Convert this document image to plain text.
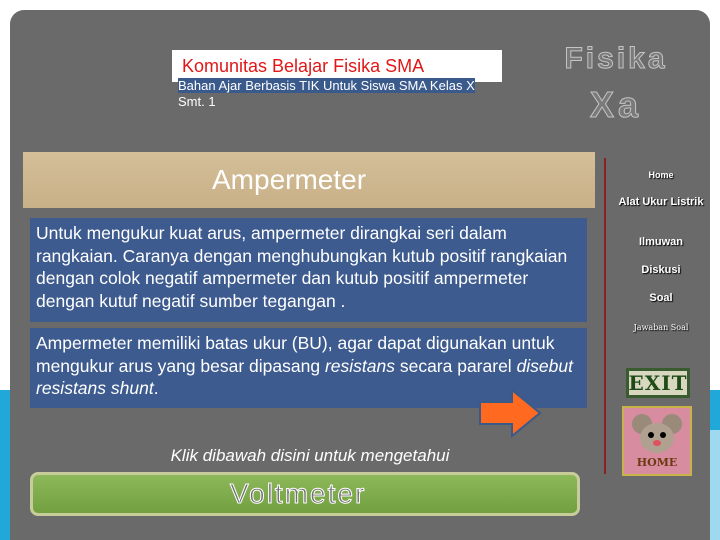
Komunitas Belajar Fisika SMA
Bahan Ajar Berbasis TIK Untuk Siswa SMA Kelas X
Smt. 1
Fisika
Xa
Ampermeter
Untuk mengukur kuat arus, ampermeter dirangkai seri dalam rangkaian. Caranya dengan menghubungkan kutub positif rangkaian dengan colok negatif ampermeter dan kutub positif ampermeter dengan kutuf negatif sumber tegangan .
Ampermeter memiliki batas ukur (BU), agar dapat digunakan untuk mengukur arus yang besar dipasang resistans secara pararel disebut resistans shunt.
Klik dibawah disini untuk mengetahui
Voltmeter
Home
Alat Ukur Listrik
Ilmuwan
Diskusi
Soal
Jawaban Soal
EXIT
HOME
